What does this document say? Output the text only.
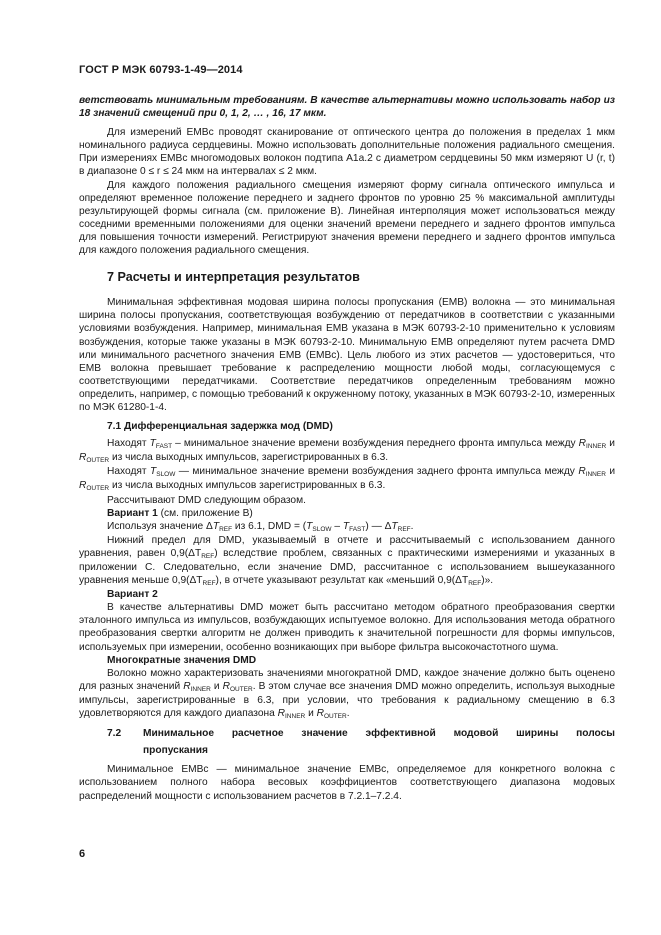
ГОСТ Р МЭК 60793-1-49—2014

ветствовать минимальным требованиям. В качестве альтернативы можно использовать набор из 18 значений смещений при 0, 1, 2, … , 16, 17 мкм.

Для измерений EMBc проводят сканирование от оптического центра до положения в пределах 1 мкм номинального радиуса сердцевины. Можно использовать дополнительные положения радиального смещения. При измерениях EMBc многомодовых волокон подтипа А1а.2 с диаметром сердцевины 50 мкм измеряют U (r, t) в диапазоне 0 ≤ r ≤ 24 мкм на интервалах ≤ 2 мкм.

Для каждого положения радиального смещения измеряют форму сигнала оптического импульса и определяют временное положение переднего и заднего фронтов по уровню 25 % максимальной амплитуды результирующей формы сигнала (см. приложение В). Линейная интерполяция может использоваться между соседними временными положениями для оценки значений времени переднего и заднего фронтов импульса для повышения точности измерений. Регистрируют значения времени переднего и заднего фронтов импульса для каждого положения радиального смещения.

7 Расчеты и интерпретация результатов

Минимальная эффективная модовая ширина полосы пропускания (EMB) волокна — это минимальная ширина полосы пропускания, соответствующая возбуждению от передатчиков в соответствии с указанными условиями возбуждения. Например, минимальная EMB указана в МЭК 60793-2-10 применительно к условиям возбуждения, которые также указаны в МЭК 60793-2-10. Минимальную EMB определяют путем расчета DMD или минимального расчетного значения EMB (EMBc). Цель любого из этих расчетов — удостовериться, что EMB волокна превышает требование к распределению мощности любой моды, согласующемуся с соответствующими передатчиками. Соответствие передатчиков определенным требованиям можно определить, например, с помощью требований к окруженному потоку, указанных в МЭК 60793-2-10, измеренных по МЭК 61280-1-4.

7.1 Дифференциальная задержка мод (DMD)

Находят $T_{FAST}$ – минимальное значение времени возбуждения переднего фронта импульса между $R_{INNER}$ и $R_{OUTER}$ из числа выходных импульсов, зарегистрированных в 6.3.

Находят $T_{SLOW}$ — минимальное значение времени возбуждения заднего фронта импульса между $R_{INNER}$ и $R_{OUTER}$ из числа выходных импульсов зарегистрированных в 6.3.

Рассчитывают DMD следующим образом.

Вариант 1 (см. приложение В)

Используя значение $\Delta T_{REF}$ из 6.1, DMD = $(T_{SLOW} - T_{FAST})$ — $\Delta T_{REF}$.

Нижний предел для DMD, указываемый в отчете и рассчитываемый с использованием данного уравнения, равен $0,9(\Delta T_{REF})$ вследствие проблем, связанных с практическими измерениями и указанных в приложении С. Следовательно, если значение DMD, рассчитанное с использованием вышеуказанного уравнения меньше $0,9(\Delta T_{REF})$, в отчете указывают результат как «меньший $0,9(\Delta T_{REF})$».

Вариант 2

В качестве альтернативы DMD может быть рассчитано методом обратного преобразования свертки эталонного импульса из импульсов, возбуждающих испытуемое волокно. Для использования метода обратного преобразования свертки алгоритм не должен приводить к значительной погрешности для формы импульсов, используемых при измерении, особенно возникающих при выборе фильтра высокочастотного шума.

Многократные значения DMD

Волокно можно характеризовать значениями многократной DMD, каждое значение должно быть оценено для разных значений $R_{INNER}$ и $R_{OUTER}$. В этом случае все значения DMD можно определить, используя выходные импульсы, зарегистрированные в 6.3, при условии, что требования к радиальному смещению в 6.3 удовлетворяются для каждого диапазона $R_{INNER}$ и $R_{OUTER}$.

7.2	Минимальное расчетное значение эффективной модовой ширины полосы
пропускания

Минимальное EMBc — минимальное значение EMBc, определяемое для конкретного волокна с использованием полного набора весовых коэффициентов соответствующего диапазона модовых распределений мощности с использованием расчетов в 7.2.1–7.2.4.

6
